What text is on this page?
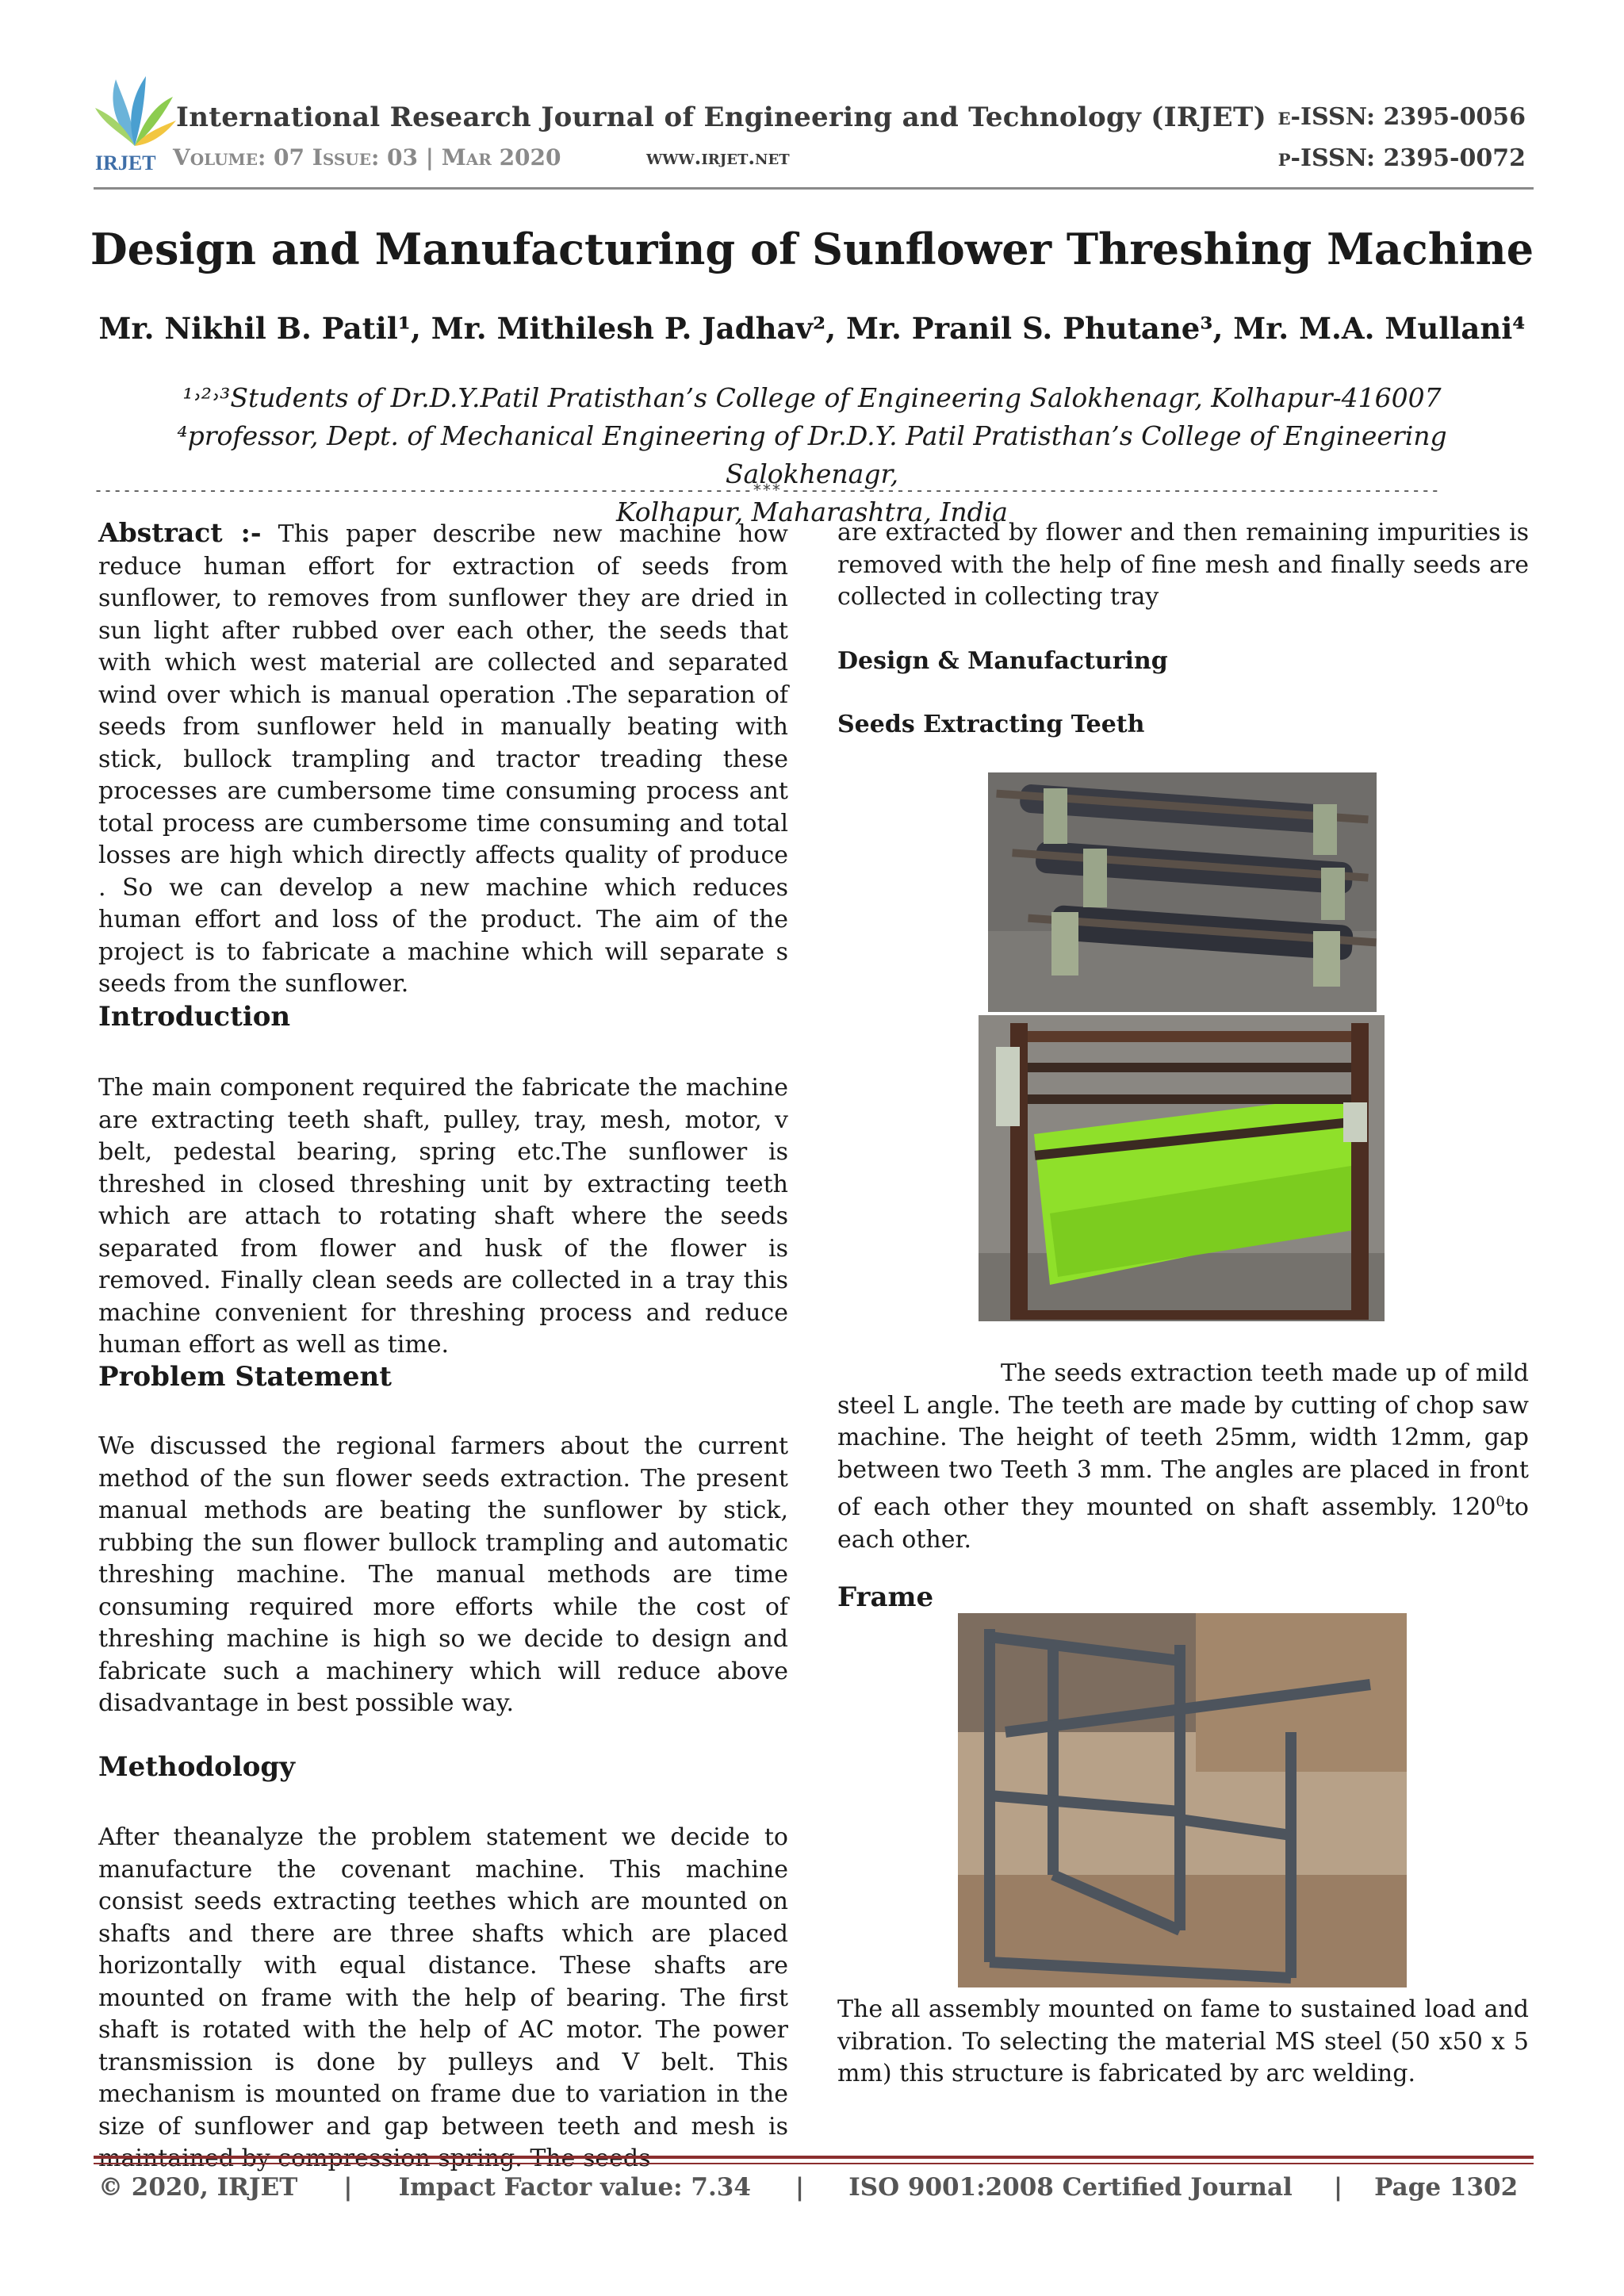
IRJET
International Research Journal of Engineering and Technology (IRJET)
Volume: 07 Issue: 03 | Mar 2020	www.irjet.net
e-ISSN: 2395-0056
p-ISSN: 2395-0072
Design and Manufacturing of Sunflower Threshing Machine
Mr. Nikhil B. Patil¹, Mr. Mithilesh P. Jadhav², Mr. Pranil S. Phutane³, Mr. M.A. Mullani⁴
¹˒²˒³Students of Dr.D.Y.Patil Pratisthan’s College of Engineering Salokhenagr, Kolhapur-416007
⁴professor, Dept. of Mechanical Engineering of Dr.D.Y. Patil Pratisthan’s College of Engineering Salokhenagr,
Kolhapur, Maharashtra, India
---------------------------------------------------------------------***---------------------------------------------------------------------

Abstract :- This paper describe new machine how reduce human effort for extraction of seeds from sunflower, to removes from sunflower they are dried in sun light after rubbed over each other, the seeds that with which west material are collected and separated wind over which is manual operation .The separation of seeds from sunflower held in manually beating with stick, bullock trampling and tractor treading these processes are cumbersome time consuming process ant total process are cumbersome time consuming and total losses are high which directly affects quality of produce . So we can develop a new machine which reduces human effort and loss of the product. The aim of the project is to fabricate a machine which will separate s seeds from the sunflower.

Introduction
The main component required the fabricate the machine are extracting teeth shaft, pulley, tray, mesh, motor, v belt, pedestal bearing, spring etc.The sunflower is threshed in closed threshing unit by extracting teeth which are attach to rotating shaft where the seeds separated from flower and husk of the flower is removed. Finally clean seeds are collected in a tray this machine convenient for threshing process and reduce human effort as well as time.
Problem Statement
We discussed the regional farmers about the current method of the sun flower seeds extraction. The present manual methods are beating the sunflower by stick, rubbing the sun flower bullock trampling and automatic threshing machine. The manual methods are time consuming required more efforts while the cost of threshing machine is high so we decide to design and fabricate such a machinery which will reduce above disadvantage in best possible way.
Methodology
After theanalyze the problem statement we decide to manufacture the covenant machine. This machine consist seeds extracting teethes which are mounted on shafts and there are three shafts which are placed horizontally with equal distance. These shafts are mounted on frame with the help of bearing. The first shaft is rotated with the help of AC motor. The power transmission is done by pulleys and V belt. This mechanism is mounted on frame due to variation in the size of sunflower and gap between teeth and mesh is
are extracted by flower and then remaining impurities is removed with the help of fine mesh and finally seeds are collected in collecting tray
Design & Manufacturing
Seeds Extracting Teeth
The seeds extraction teeth made up of mild steel L angle. The teeth are made by cutting of chop saw machine. The height of teeth 25mm, width 12mm, gap between two Teeth 3 mm. The angles are placed in front of each other they mounted on shaft assembly. $120^0to$ each other.
Frame
The all assembly mounted on fame to sustained load and vibration. To selecting the material MS steel (50 x50 x 5 mm) this structure is fabricated by arc welding.
© 2020, IRJET | Impact Factor value: 7.34 | ISO 9001:2008 Certified Journal | Page 1302
